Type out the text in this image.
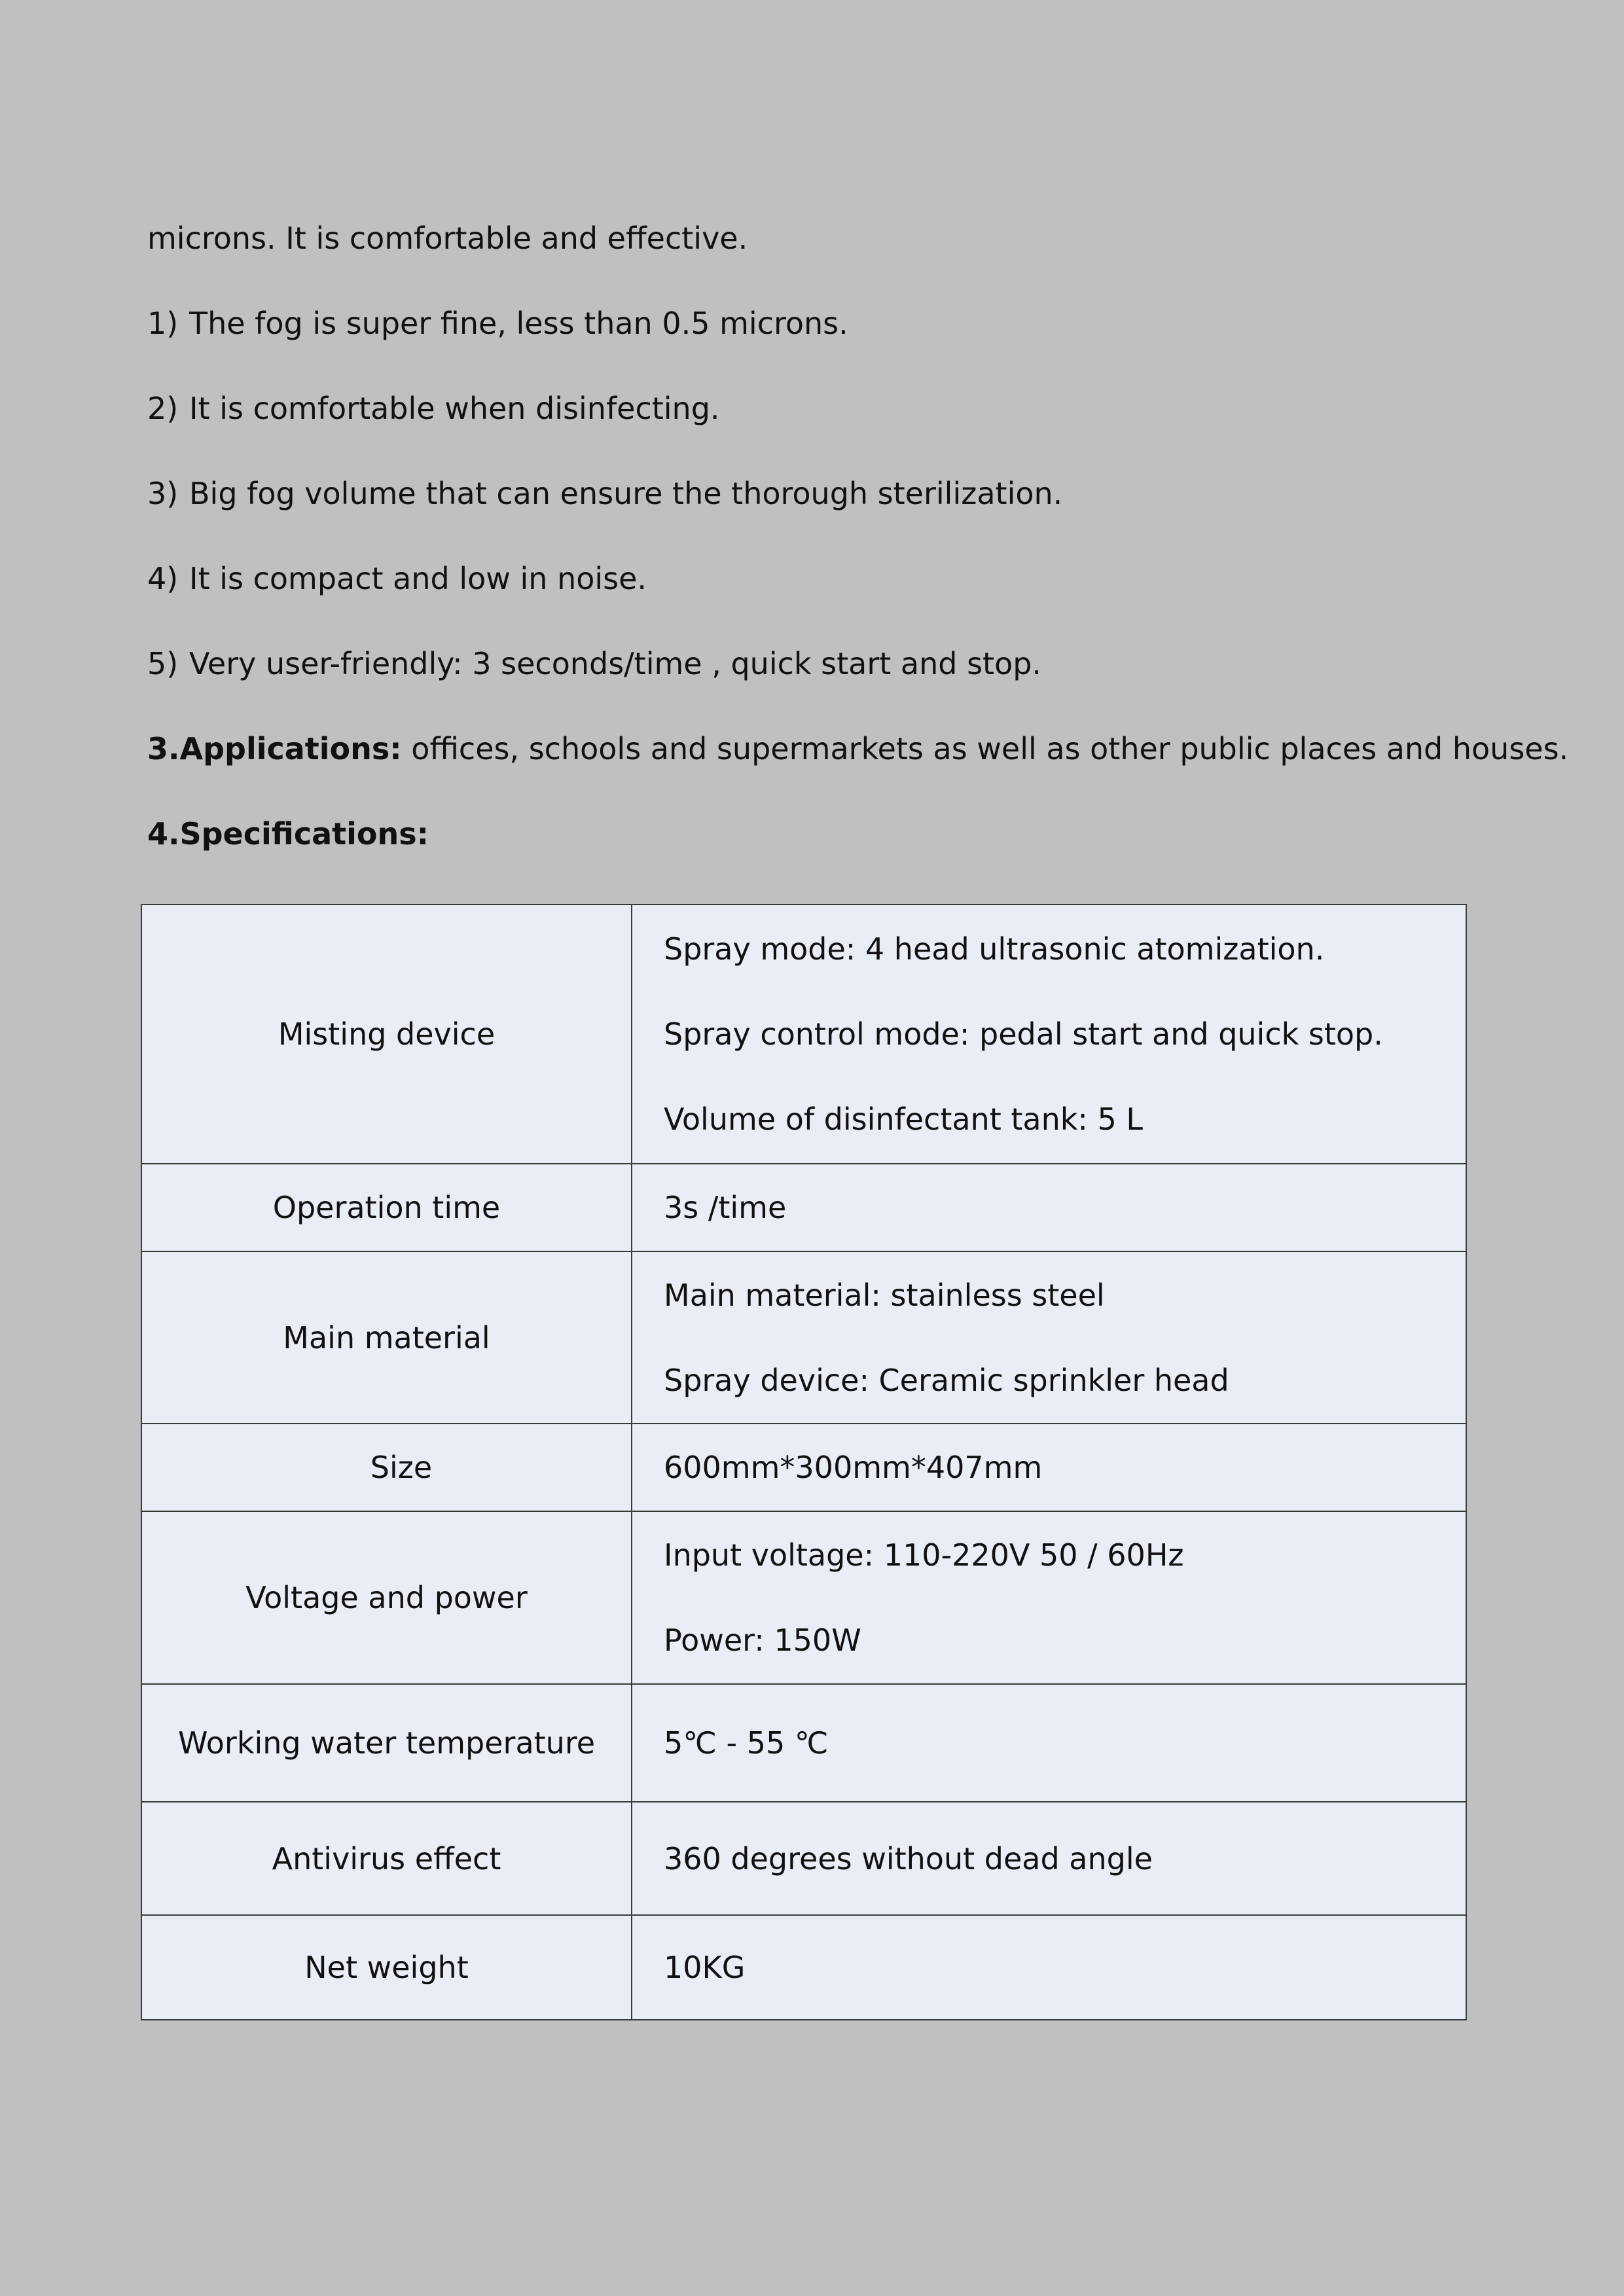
microns. It is comfortable and effective.
1) The fog is super fine, less than 0.5 microns.
2) It is comfortable when disinfecting.
3) Big fog volume that can ensure the thorough sterilization.
4) It is compact and low in noise.
5) Very user-friendly: 3 seconds/time , quick start and stop.
3.Applications: offices, schools and supermarkets as well as other public places and houses.
4.Specifications:
Misting device	Spray mode: 4 head ultrasonic atomization.
Spray control mode: pedal start and quick stop.
Volume of disinfectant tank: 5 L

Operation time	3s /time

Main material	Main material: stainless steel
Spray device: Ceramic sprinkler head

Size	600mm*300mm*407mm

Voltage and power	Input voltage: 110-220V 50 / 60Hz
Power: 150W

Working water temperature	5℃ - 55 ℃

Antivirus effect	360 degrees without dead angle

Net weight	10KG
